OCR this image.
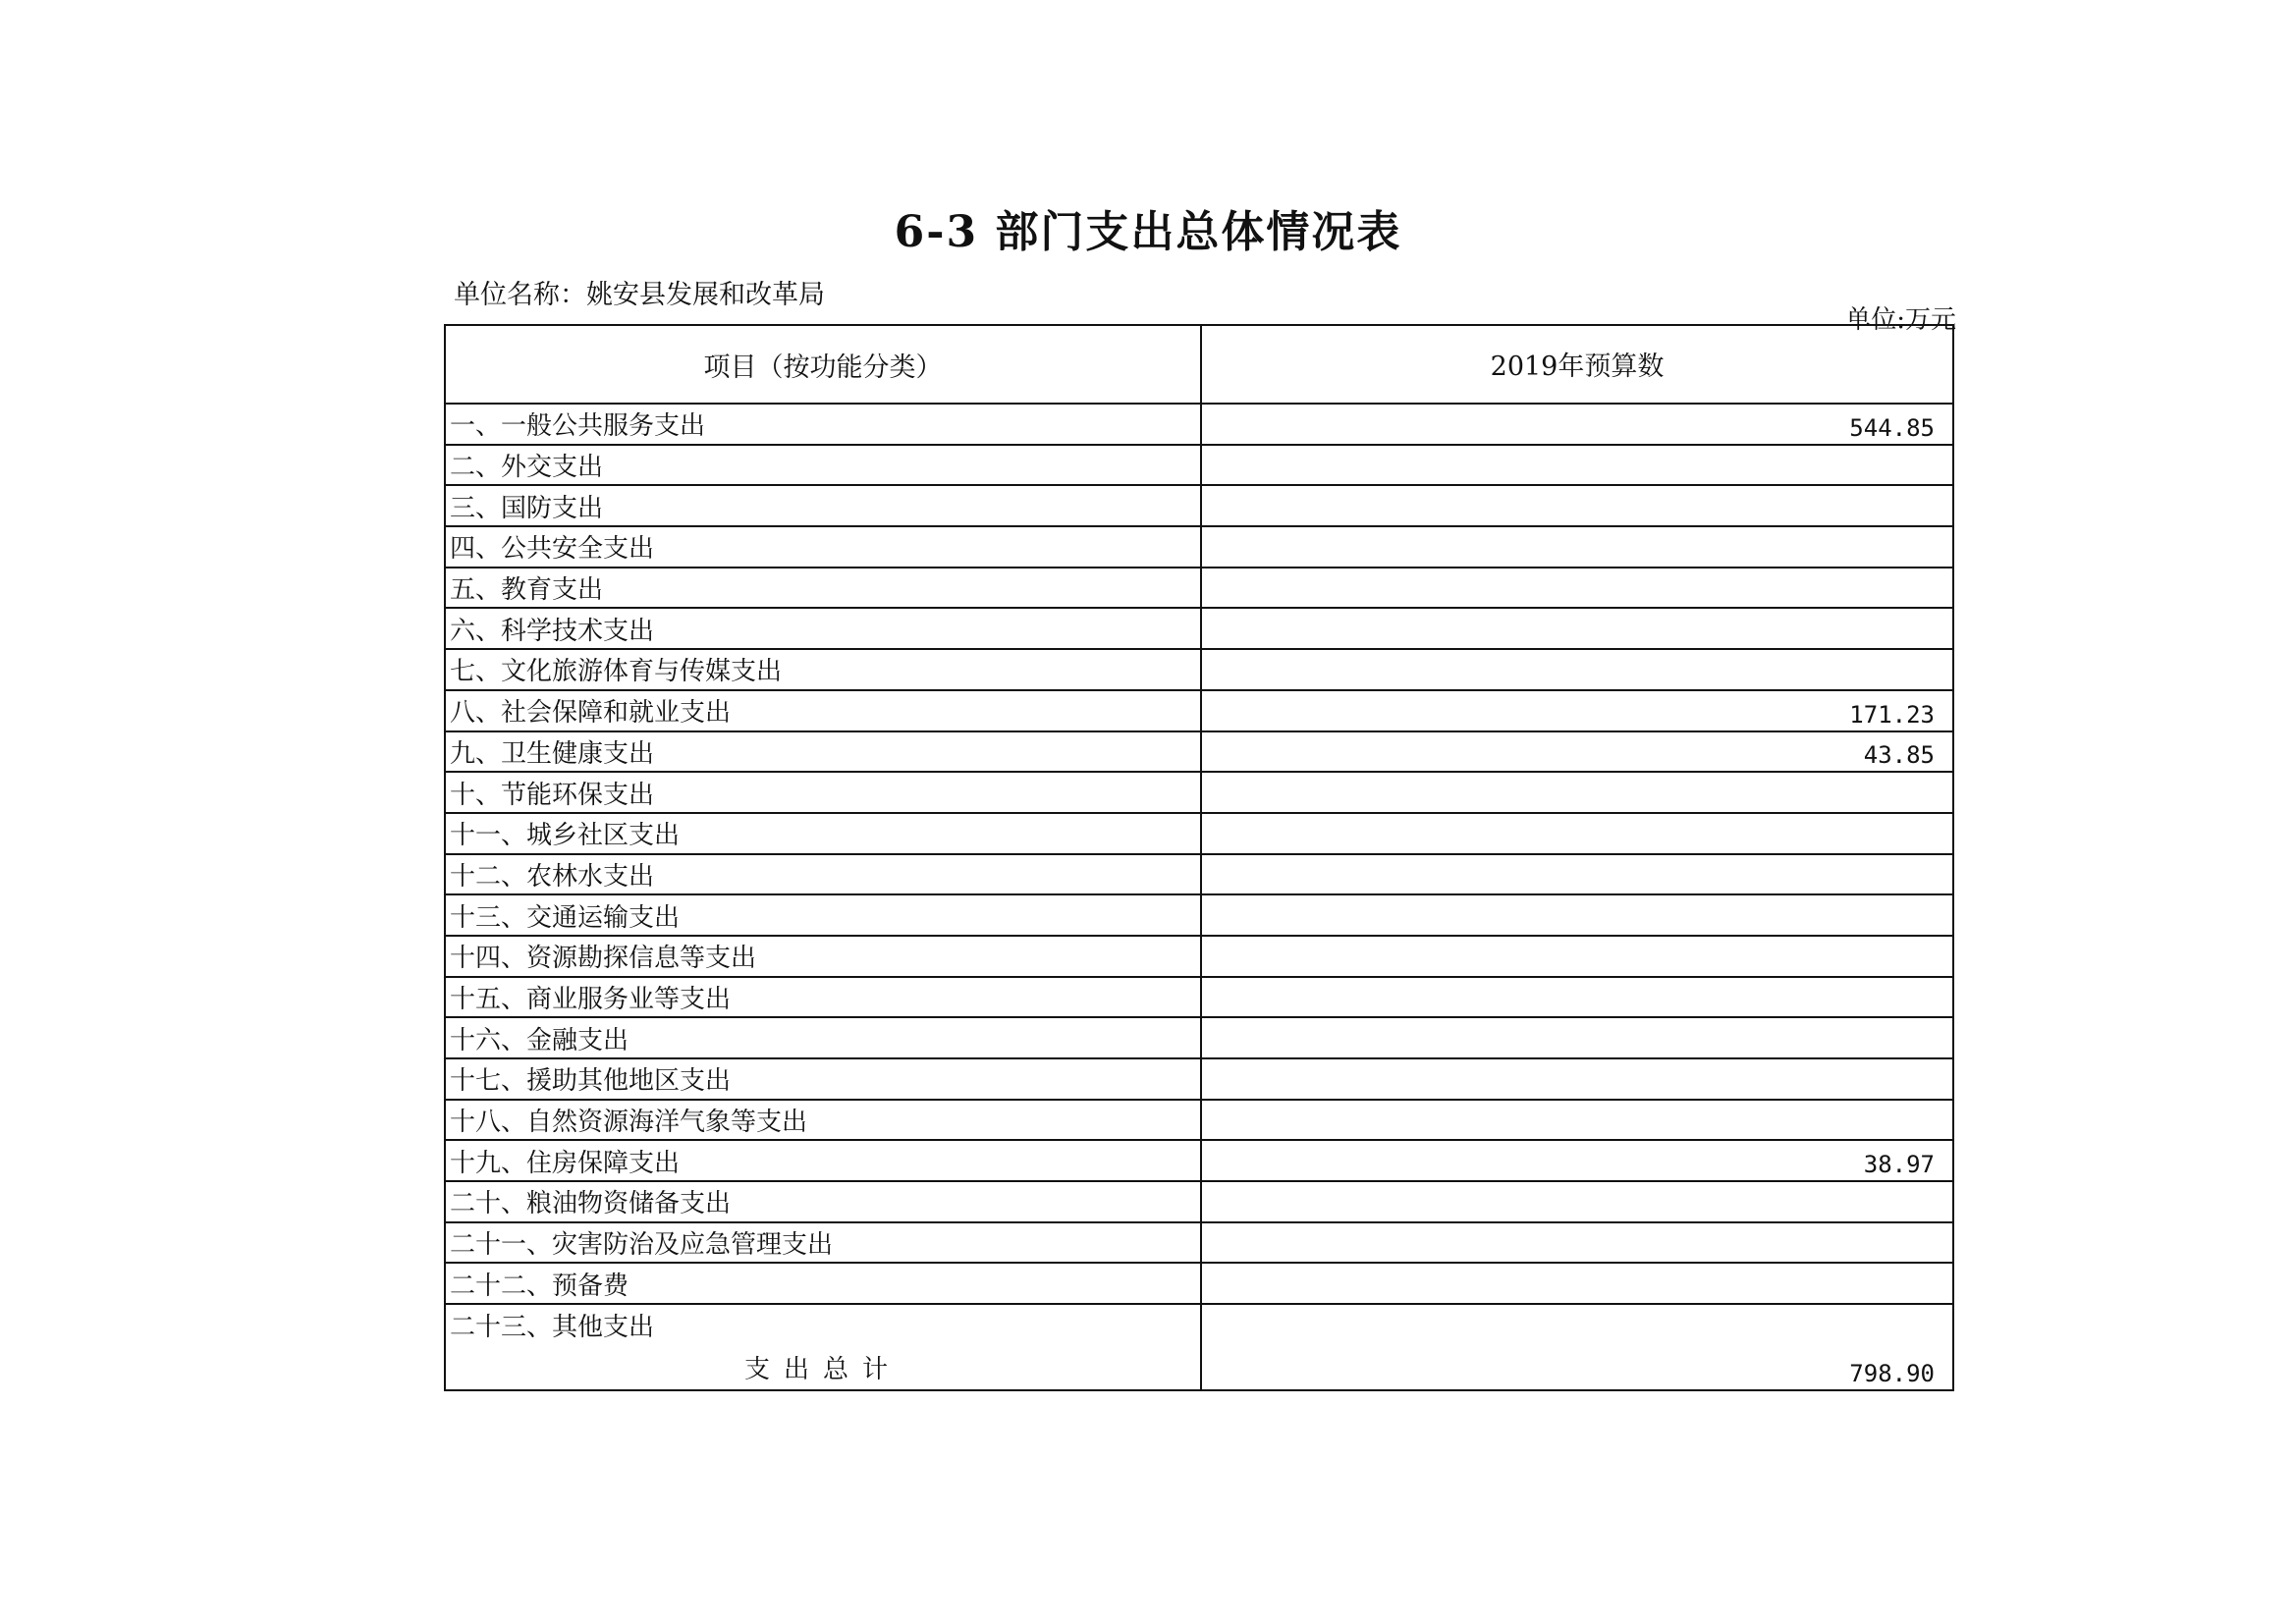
6-3 部门支出总体情况表
单位名称：姚安县发展和改革局
单位:万元
项目（按功能分类）	2019年预算数
一、一般公共服务支出	544.85
二、外交支出
三、国防支出
四、公共安全支出
五、教育支出
六、科学技术支出
七、文化旅游体育与传媒支出
八、社会保障和就业支出	171.23
九、卫生健康支出	43.85
十、节能环保支出
十一、城乡社区支出
十二、农林水支出
十三、交通运输支出
十四、资源勘探信息等支出
十五、商业服务业等支出
十六、金融支出
十七、援助其他地区支出
十八、自然资源海洋气象等支出
十九、住房保障支出	38.97
二十、粮油物资储备支出
二十一、灾害防治及应急管理支出
二十二、预备费
二十三、其他支出
支出总计	798.90
